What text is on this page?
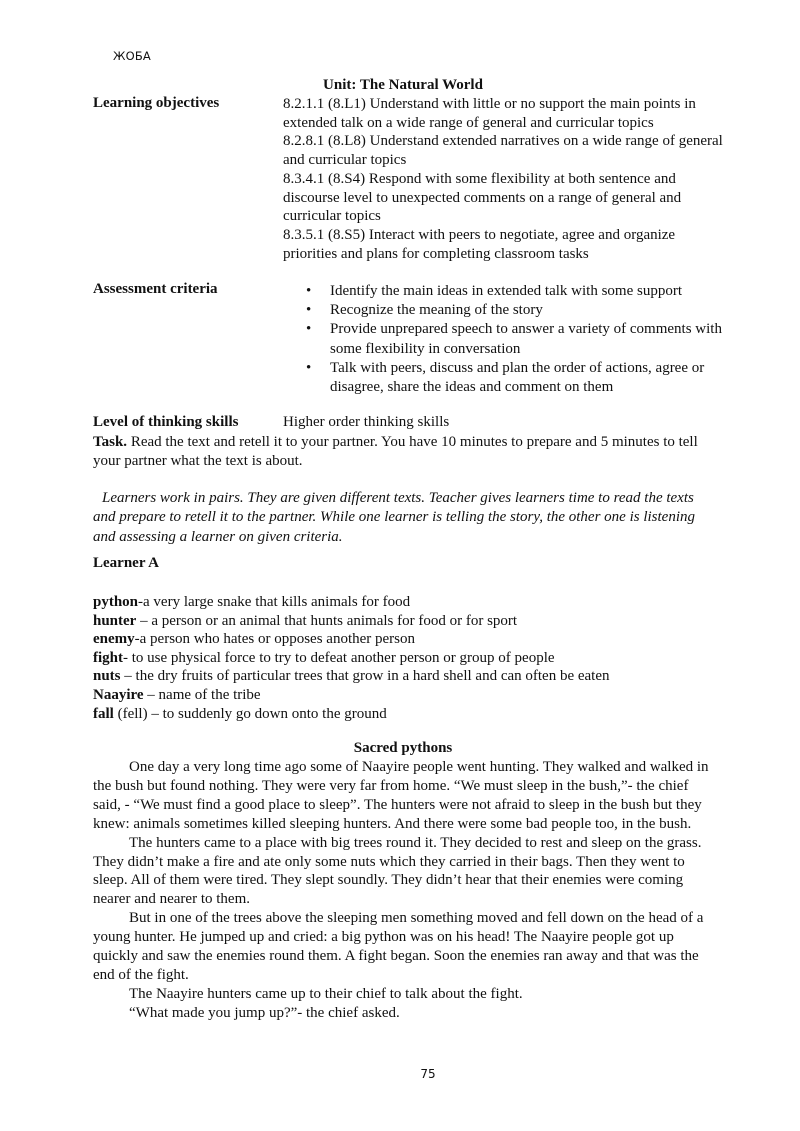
ЖОБА
Unit: The Natural World
Learning objectives	8.2.1.1 (8.L1) Understand with little or no support the main points in extended talk on a wide range of general and curricular topics
8.2.8.1 (8.L8) Understand extended narratives on a wide range of general and curricular topics
8.3.4.1 (8.S4) Respond with some flexibility at both sentence and discourse level to unexpected comments on a range of general and curricular topics
8.3.5.1 (8.S5) Interact with peers to negotiate, agree and organize priorities and plans for completing classroom tasks
Assessment criteria
•	Identify the main ideas in extended talk with some support
• Recognize the meaning of the story
• Provide unprepared speech to answer a variety of comments with some flexibility in conversation
• Talk with peers, discuss and plan the order of actions, agree or disagree, share the ideas and comment on them
Level of thinking skills	Higher order thinking skills
Task. Read the text and retell it to your partner. You have 10 minutes to prepare and 5 minutes to tell your partner what the text is about.
Learners work in pairs. They are given different texts. Teacher gives learners time to read the texts and prepare to retell it to the partner. While one learner is telling the story, the other one is listening and assessing a learner on given criteria.
Learner A
python-a very large snake that kills animals for food
hunter – a person or an animal that hunts animals for food or for sport
enemy-a person who hates or opposes another person
fight- to use physical force to try to defeat another person or group of people
nuts – the dry fruits of particular trees that grow in a hard shell and can often be eaten
Naayire – name of the tribe
fall (fell) – to suddenly go down onto the ground
Sacred pythons

One day a very long time ago some of Naayire people went hunting. They walked and walked in the bush but found nothing. They were very far from home. “We must sleep in the bush,”- the chief said, - “We must find a good place to sleep”. The hunters were not afraid to sleep in the bush but they knew: animals sometimes killed sleeping hunters. And there were some bad people too, in the bush.

The hunters came to a place with big trees round it. They decided to rest and sleep on the grass. They didn’t make a fire and ate only some nuts which they carried in their bags. Then they went to sleep. All of them were tired. They slept soundly. They didn’t hear that their enemies were coming nearer and nearer to them.

But in one of the trees above the sleeping men something moved and fell down on the head of a young hunter. He jumped up and cried: a big python was on his head! The Naayire people got up quickly and saw the enemies round them. A fight began. Soon the enemies ran away and that was the end of the fight.

The Naayire hunters came up to their chief to talk about the fight.

“What made you jump up?”- the chief asked.

75
